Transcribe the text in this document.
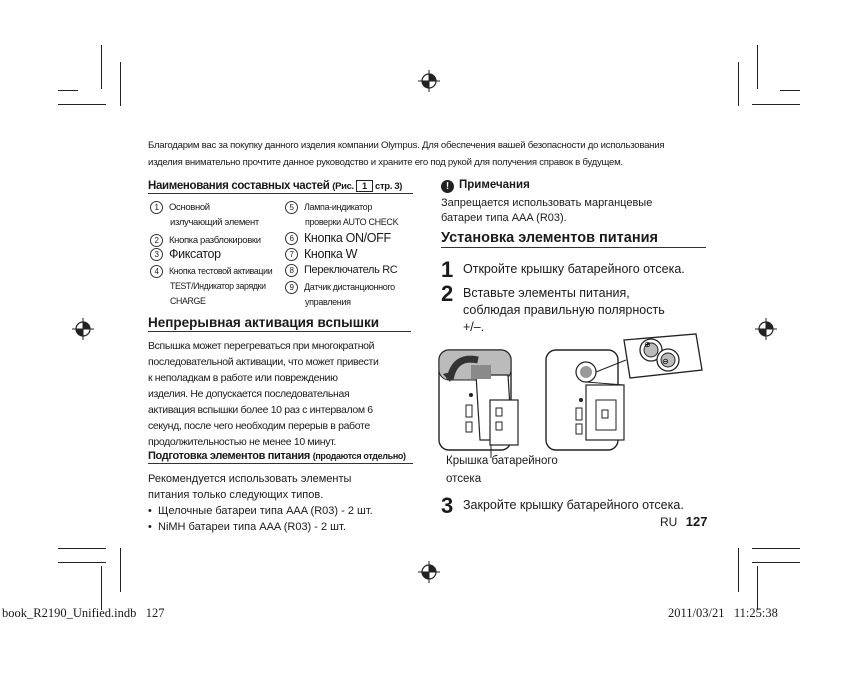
Благодарим вас за покупку данного изделия компании Olympus. Для обеспечения вашей безопасности до использования
изделия внимательно прочтите данное руководство и храните его под рукой для получения справок в будущем.
Наименования составных частей (Рис. 1 стр. 3)
1 Основной
излучающий элемент
2 Кнопка разблокировки
3 Фиксатор
4 Кнопка тестовой активации
TEST/Индикатор зарядки
CHARGE
5 Лампа-индикатор
проверки AUTO CHECK
6 Кнопка ON/OFF
7 Кнопка W
8 Переключатель RC
9 Датчик дистанционного
управления
Непрерывная активация вспышки
Вспышка может перегреваться при многократной
последовательной активации, что может привести
к неполадкам в работе или повреждению
изделия. Не допускается последовательная
активация вспышки более 10 раз с интервалом 6
секунд, после чего необходим перерыв в работе
продолжительностью не менее 10 минут.
Подготовка элементов питания (продаются отдельно)
Рекомендуется использовать элементы
питания только следующих типов.
• Щелочные батареи типа AAA (R03) - 2 шт.
• NiMH батареи типа AAA (R03) - 2 шт.
! Примечания
Запрещается использовать марганцевые
батареи типа AAA (R03).
Установка элементов питания
1 Откройте крышку батарейного отсека.
2 Вставьте элементы питания,
соблюдая правильную полярность
+/–.
⊕
⊖
Крышка батарейного
отсека
3 Закройте крышку батарейного отсека.
RU 127
book_R2190_Unified.indb   127	2011/03/21   11:25:38
